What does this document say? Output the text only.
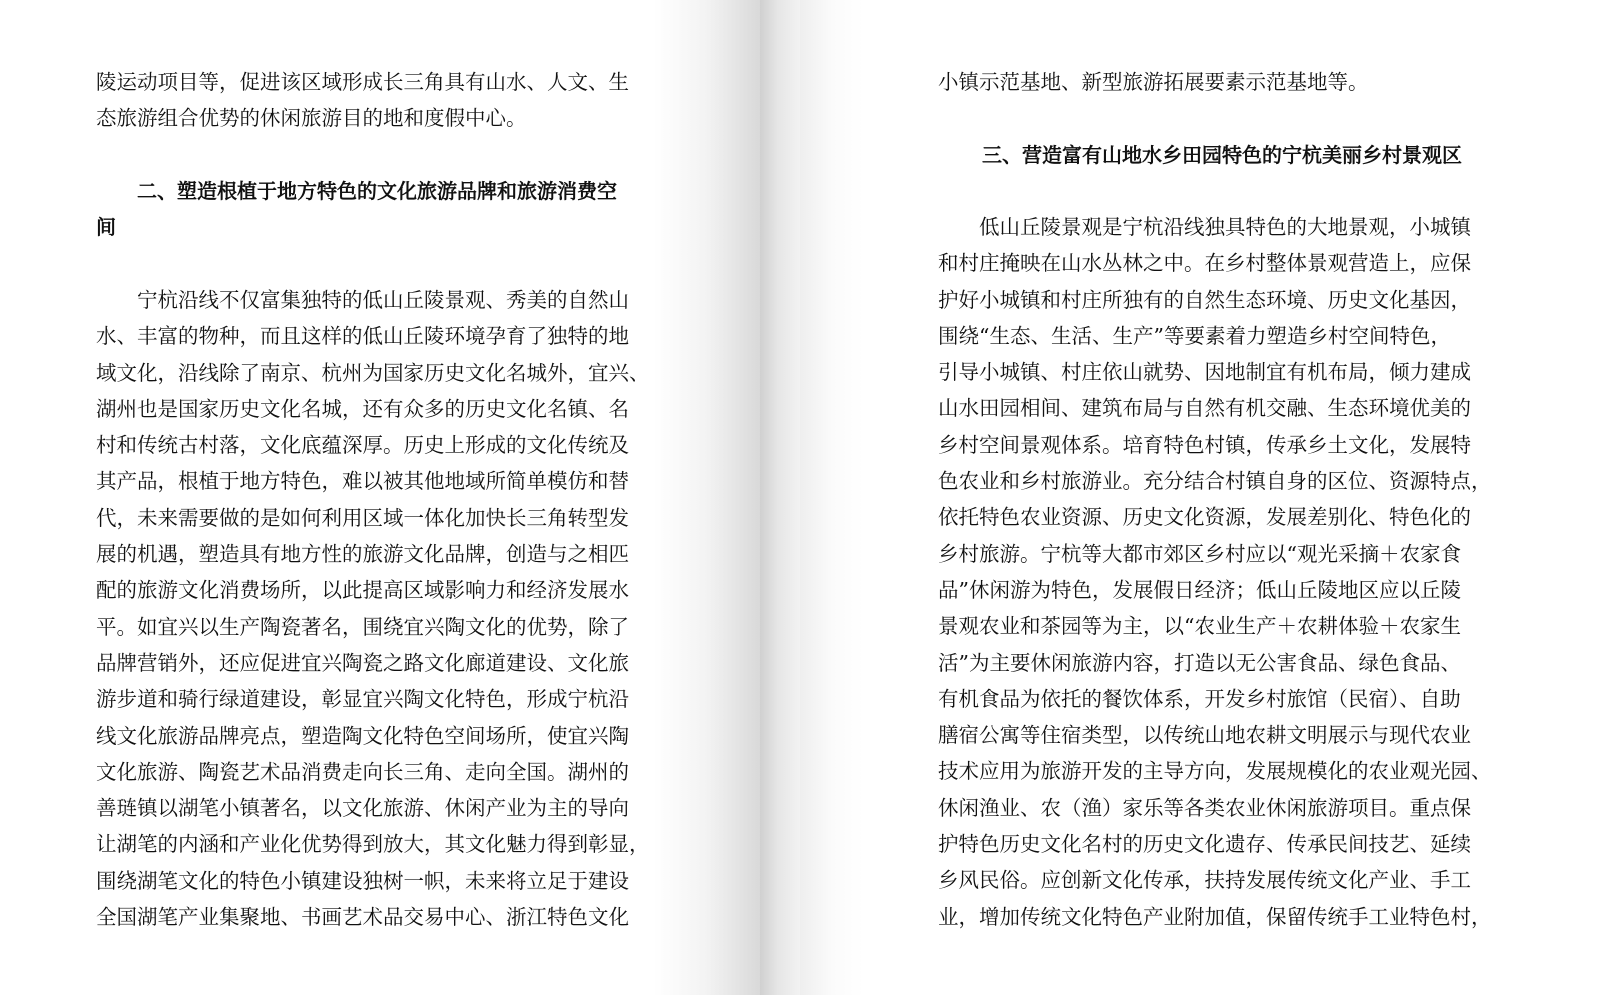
陵运动项目等，促进该区域形成长三角具有山水、人文、生
态旅游组合优势的休闲旅游目的地和度假中心。
二、塑造根植于地方特色的文化旅游品牌和旅游消费空
间
宁杭沿线不仅富集独特的低山丘陵景观、秀美的自然山
水、丰富的物种，而且这样的低山丘陵环境孕育了独特的地
域文化，沿线除了南京、杭州为国家历史文化名城外，宜兴、
湖州也是国家历史文化名城，还有众多的历史文化名镇、名
村和传统古村落，文化底蕴深厚。历史上形成的文化传统及
其产品，根植于地方特色，难以被其他地域所简单模仿和替
代，未来需要做的是如何利用区域一体化加快长三角转型发
展的机遇，塑造具有地方性的旅游文化品牌，创造与之相匹
配的旅游文化消费场所，以此提高区域影响力和经济发展水
平。如宜兴以生产陶瓷著名，围绕宜兴陶文化的优势，除了
品牌营销外，还应促进宜兴陶瓷之路文化廊道建设、文化旅
游步道和骑行绿道建设，彰显宜兴陶文化特色，形成宁杭沿
线文化旅游品牌亮点，塑造陶文化特色空间场所，使宜兴陶
文化旅游、陶瓷艺术品消费走向长三角、走向全国。湖州的
善琏镇以湖笔小镇著名，以文化旅游、休闲产业为主的导向
让湖笔的内涵和产业化优势得到放大，其文化魅力得到彰显，
围绕湖笔文化的特色小镇建设独树一帜，未来将立足于建设
全国湖笔产业集聚地、书画艺术品交易中心、浙江特色文化
小镇示范基地、新型旅游拓展要素示范基地等。
三、营造富有山地水乡田园特色的宁杭美丽乡村景观区
低山丘陵景观是宁杭沿线独具特色的大地景观，小城镇
和村庄掩映在山水丛林之中。在乡村整体景观营造上，应保
护好小城镇和村庄所独有的自然生态环境、历史文化基因，
围绕“生态、生活、生产”等要素着力塑造乡村空间特色，
引导小城镇、村庄依山就势、因地制宜有机布局，倾力建成
山水田园相间、建筑布局与自然有机交融、生态环境优美的
乡村空间景观体系。培育特色村镇，传承乡土文化，发展特
色农业和乡村旅游业。充分结合村镇自身的区位、资源特点，
依托特色农业资源、历史文化资源，发展差别化、特色化的
乡村旅游。宁杭等大都市郊区乡村应以“观光采摘＋农家食
品”休闲游为特色，发展假日经济；低山丘陵地区应以丘陵
景观农业和茶园等为主，以“农业生产＋农耕体验＋农家生
活”为主要休闲旅游内容，打造以无公害食品、绿色食品、
有机食品为依托的餐饮体系，开发乡村旅馆（民宿）、自助
膳宿公寓等住宿类型，以传统山地农耕文明展示与现代农业
技术应用为旅游开发的主导方向，发展规模化的农业观光园、
休闲渔业、农（渔）家乐等各类农业休闲旅游项目。重点保
护特色历史文化名村的历史文化遗存、传承民间技艺、延续
乡风民俗。应创新文化传承，扶持发展传统文化产业、手工
业，增加传统文化特色产业附加值，保留传统手工业特色村，
